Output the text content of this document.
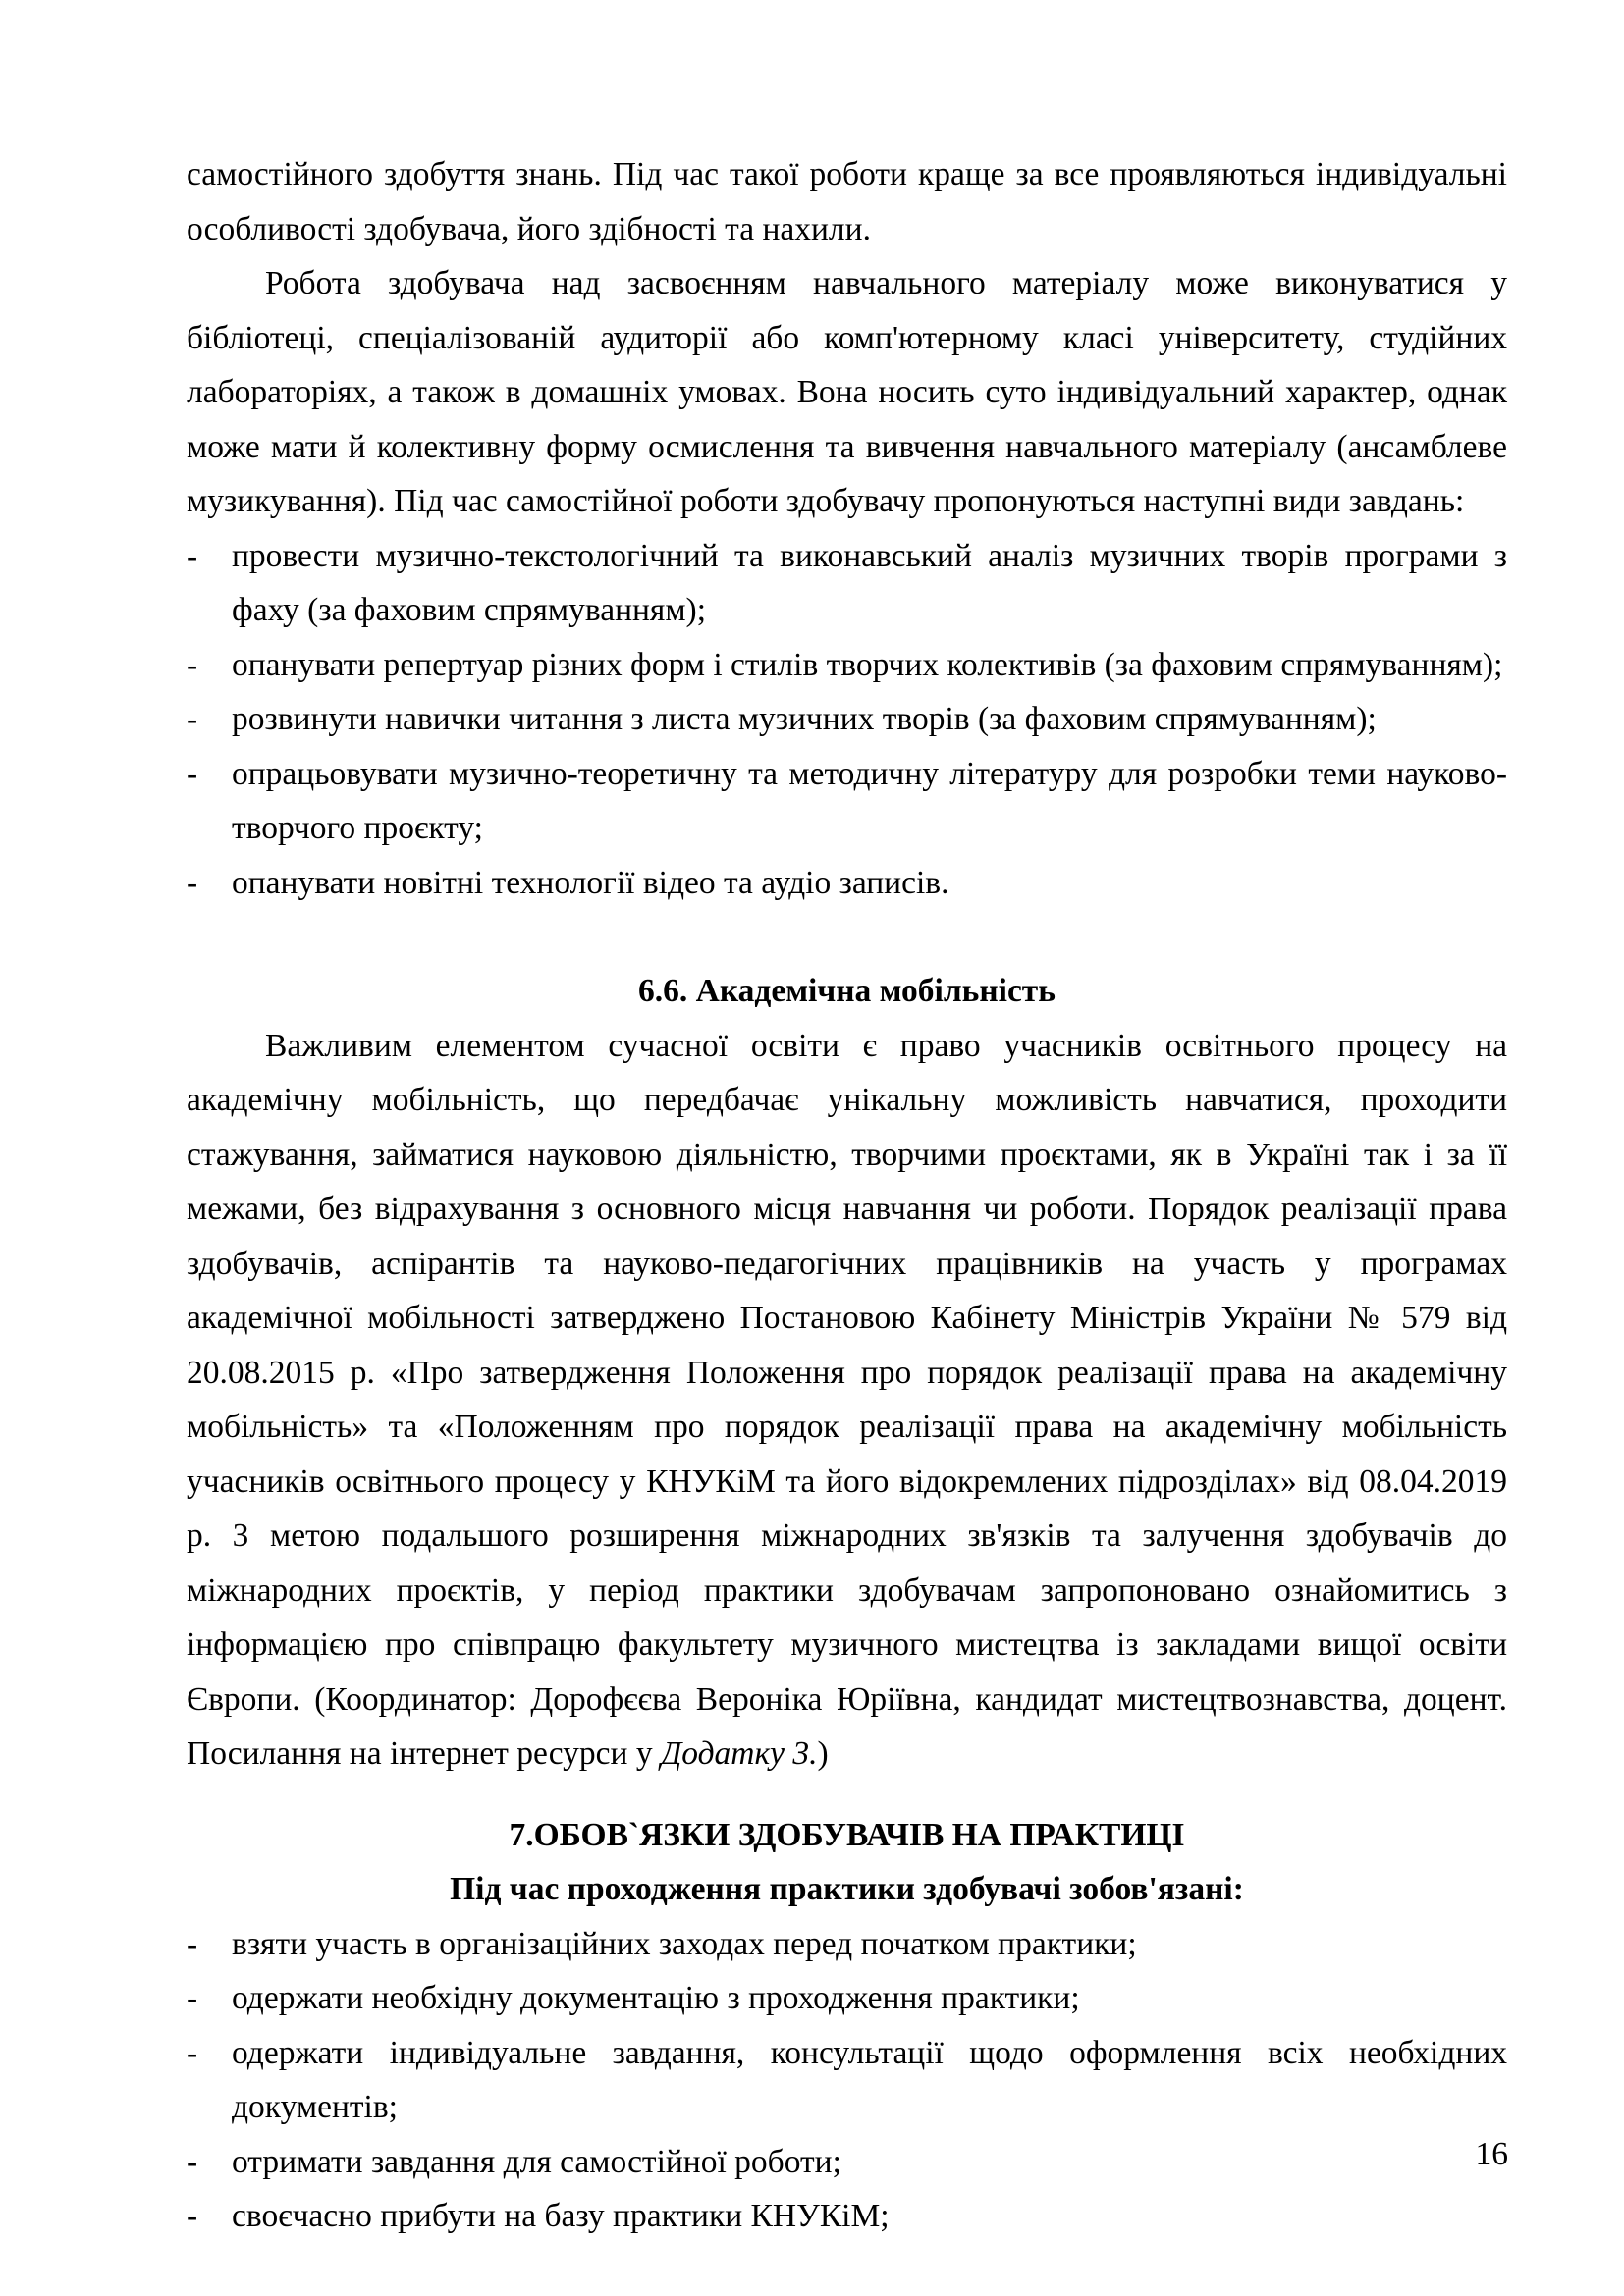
самостійного здобуття знань. Під час такої роботи краще за все проявляються індивідуальні особливості здобувача, його здібності та нахили.

Робота здобувача над засвоєнням навчального матеріалу може виконуватися у бібліотеці, спеціалізованій аудиторії або комп'ютерному класі університету, студійних лабораторіях, а також в домашніх умовах. Вона носить суто індивідуальний характер, однак може мати й колективну форму осмислення та вивчення навчального матеріалу (ансамблеве музикування). Під час самостійної роботи здобувачу пропонуються наступні види завдань:

-	провести музично-текстологічний та виконавський аналіз музичних творів програми з фаху (за фаховим спрямуванням);
-	опанувати репертуар різних форм і стилів творчих колективів (за фаховим спрямуванням);
-	розвинути навички читання з листа музичних творів (за фаховим спрямуванням);
-	опрацьовувати музично-теоретичну та методичну літературу для розробки теми науково-творчого проєкту;
-	опанувати новітні технології відео та аудіо записів.

6.6. Академічна мобільність

Важливим елементом сучасної освіти є право учасників освітнього процесу на академічну мобільність, що передбачає унікальну можливість навчатися, проходити стажування, займатися науковою діяльністю, творчими проєктами, як в Україні так і за її межами, без відрахування з основного місця навчання чи роботи. Порядок реалізації права здобувачів, аспірантів та науково-педагогічних працівників на участь у програмах академічної мобільності затверджено Постановою Кабінету Міністрів України № 579 від 20.08.2015 р. «Про затвердження Положення про порядок реалізації права на академічну мобільність» та «Положенням про порядок реалізації права на академічну мобільність учасників освітнього процесу у КНУКіМ та його відокремлених підрозділах» від 08.04.2019 р. З метою подальшого розширення міжнародних зв'язків та залучення здобувачів до міжнародних проєктів, у період практики здобувачам запропоновано ознайомитись з інформацією про співпрацю факультету музичного мистецтва із закладами вищої освіти Європи. (Координатор: Дорофєєва Вероніка Юріївна, кандидат мистецтвознавства, доцент. Посилання на інтернет ресурси у Додатку 3.)

7.ОБОВ`ЯЗКИ ЗДОБУВАЧІВ НА ПРАКТИЦІ

Під час проходження практики здобувачі зобов'язані:

-	взяти участь в організаційних заходах перед початком практики;
-	одержати необхідну документацію з проходження практики;
-	одержати індивідуальне завдання, консультації щодо оформлення всіх необхідних документів;
-	отримати завдання для самостійної роботи;
-	своєчасно прибути на базу практики КНУКіМ;
16
